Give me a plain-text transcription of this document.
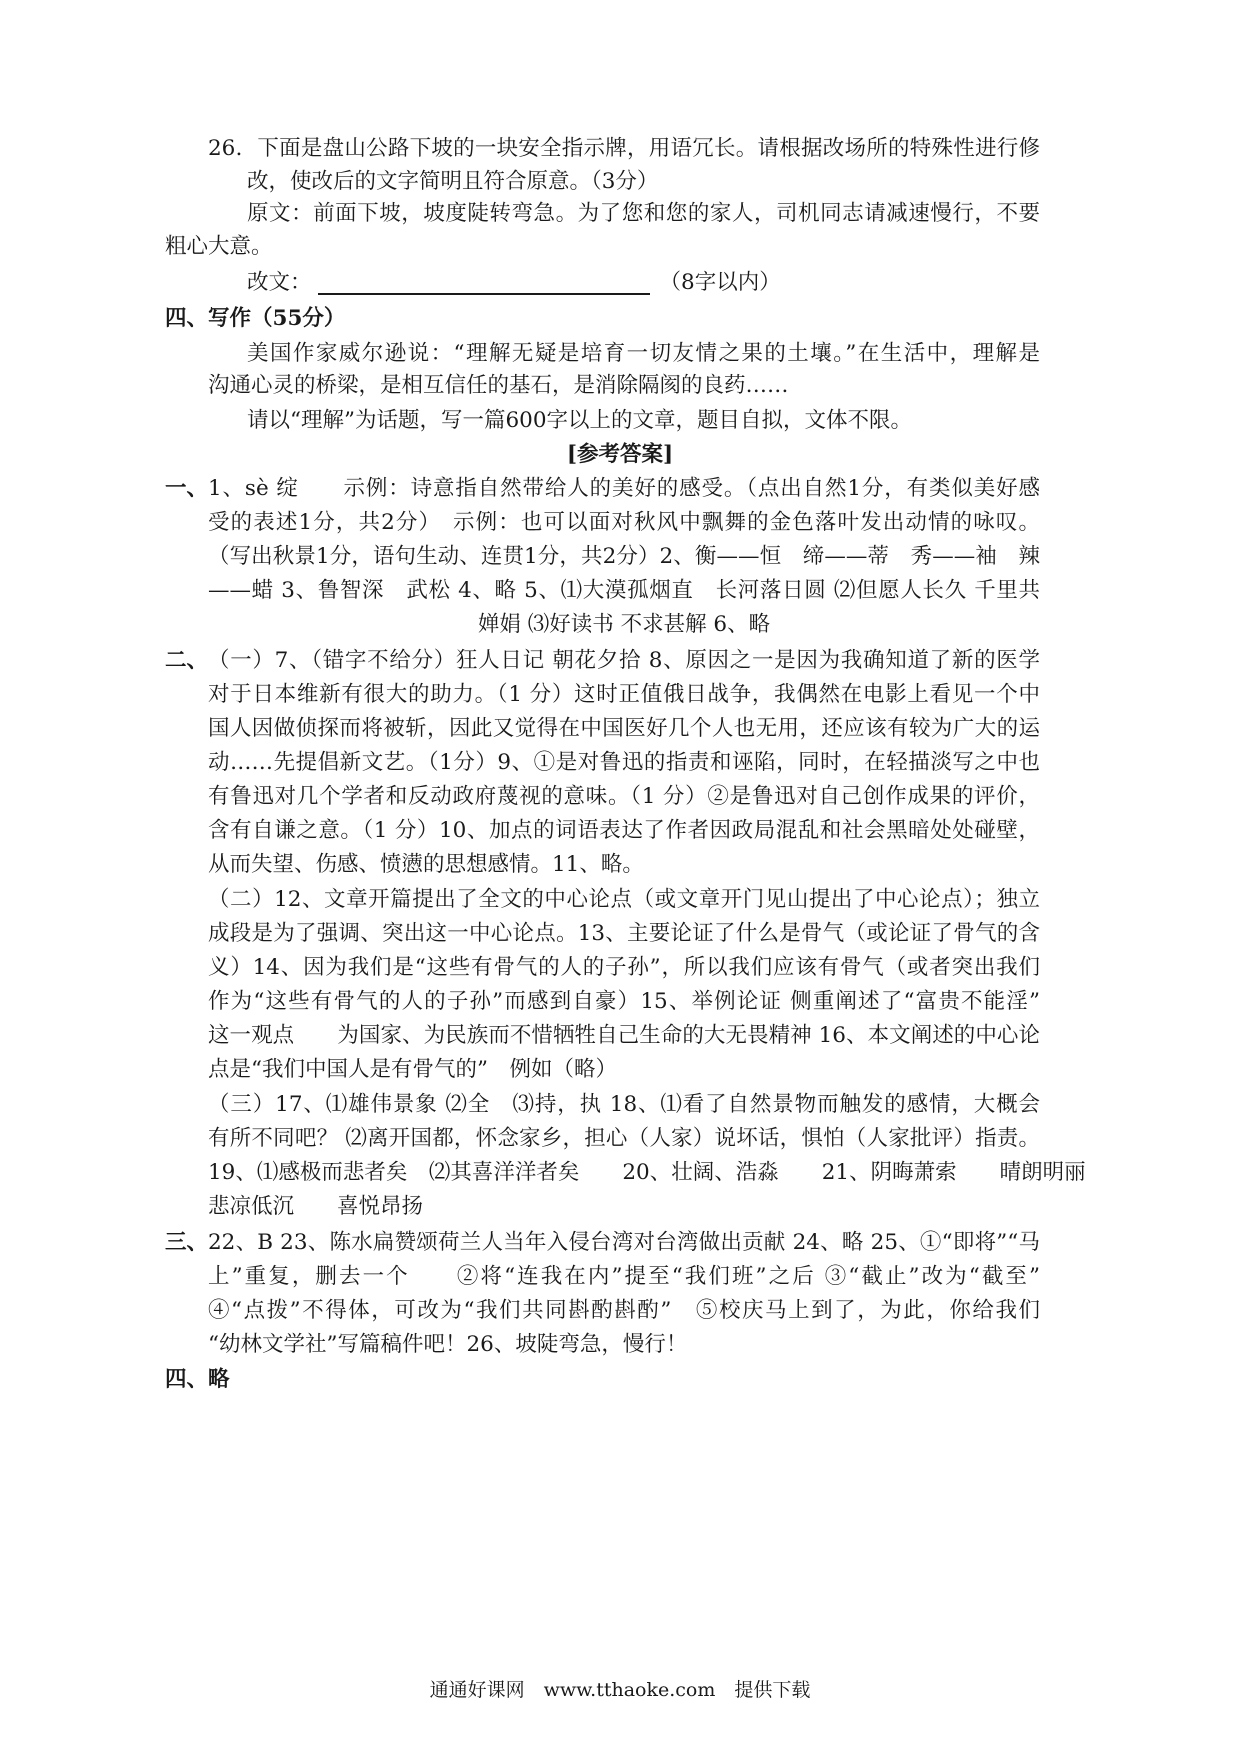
26．下面是盘山公路下坡的一块安全指示牌，用语冗长。请根据改场所的特殊性进行修
改，使改后的文字简明且符合原意。（3分）
原文：前面下坡，坡度陡转弯急。为了您和您的家人，司机同志请减速慢行，不要
粗心大意。
改文：	（8字以内）
四、写作（55分）
美国作家威尔逊说：“理解无疑是培育一切友情之果的土壤。”在生活中，理解是
沟通心灵的桥梁，是相互信任的基石，是消除隔阂的良药……
请以“理解”为话题，写一篇600字以上的文章，题目自拟，文体不限。
[参考答案]
一、 1、sè 绽　　示例：诗意指自然带给人的美好的感受。（点出自然1分，有类似美好感
受的表述1分，共2分）　示例：也可以面对秋风中飘舞的金色落叶发出动情的咏叹。
（写出秋景1分，语句生动、连贯1分，共2分）2、衡——恒　缔——蒂　秀——袖　辣
——蜡 3、鲁智深　武松 4、略 5、⑴大漠孤烟直　长河落日圆 ⑵但愿人长久 千里共
婵娟 ⑶好读书 不求甚解 6、略
二、 （一）7、（错字不给分）狂人日记 朝花夕拾 8、原因之一是因为我确知道了新的医学
对于日本维新有很大的助力。（1 分）这时正值俄日战争，我偶然在电影上看见一个中
国人因做侦探而将被斩，因此又觉得在中国医好几个人也无用，还应该有较为广大的运
动……先提倡新文艺。（1分）9、①是对鲁迅的指责和诬陷，同时，在轻描淡写之中也
有鲁迅对几个学者和反动政府蔑视的意味。（1 分）②是鲁迅对自己创作成果的评价，
含有自谦之意。（1 分）10、加点的词语表达了作者因政局混乱和社会黑暗处处碰壁，
从而失望、伤感、愤懑的思想感情。11、略。
（二）12、文章开篇提出了全文的中心论点（或文章开门见山提出了中心论点）；独立
成段是为了强调、突出这一中心论点。13、主要论证了什么是骨气（或论证了骨气的含
义）14、因为我们是“这些有骨气的人的子孙”，所以我们应该有骨气（或者突出我们
作为“这些有骨气的人的子孙”而感到自豪）15、举例论证 侧重阐述了“富贵不能淫”
这一观点　　为国家、为民族而不惜牺牲自己生命的大无畏精神 16、本文阐述的中心论
点是“我们中国人是有骨气的”　例如（略）
（三）17、⑴雄伟景象 ⑵全　⑶持，执 18、⑴看了自然景物而触发的感情，大概会
有所不同吧？ ⑵离开国都，怀念家乡，担心（人家）说坏话，惧怕（人家批评）指责。
19、⑴感极而悲者矣　⑵其喜洋洋者矣　　20、壮阔、浩淼　　21、阴晦萧索　　晴朗明丽
悲凉低沉　　喜悦昂扬
三、 22、B 23、陈水扁赞颂荷兰人当年入侵台湾对台湾做出贡献 24、略 25、①“即将”“马
上”重复，删去一个　　②将“连我在内”提至“我们班”之后 ③“截止”改为“截至”
④“点拨”不得体，可改为“我们共同斟酌斟酌”　⑤校庆马上到了，为此，你给我们
“幼林文学社”写篇稿件吧！26、坡陡弯急，慢行！
四、略
通通好课网　www.tthaoke.com　提供下载
